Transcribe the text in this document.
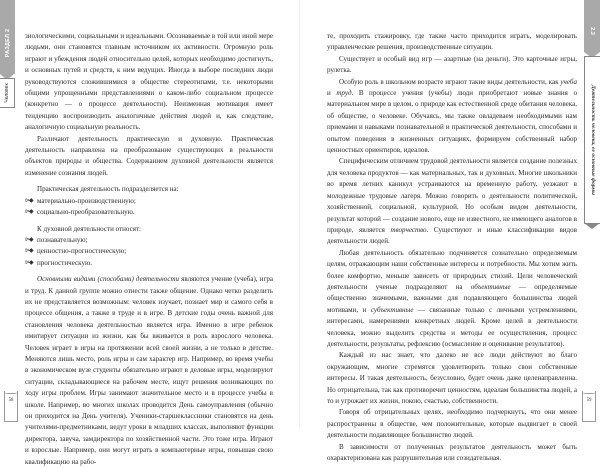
РАЗДЕЛ 2
Человек

зиологическими, социальными и идеальными. Осознаваемые в той или иной мере людьми, они становятся главным источником их активности. Огромную роль играют и убеждения людей относительно целей, которых необходимо достигнуть, и основных путей и средств, к ним ведущих. Иногда в выборе последних люди руководствуются сложившимися в обществе стереотипами, т.е. некоторыми общими упрощенными представлениями о каком-либо социальном процессе (конкретно — о процессе деятельности). Неизменная мотивация имеет тенденцию воспроизводить аналогичные действия людей и, как следствие, аналогичную социальную реальность.

Различают деятельность практическую и духовную. Практическая деятельность направлена на преобразование существующих в реальности объектов природы и общества. Содержанием духовной деятельности является изменение сознания людей.

Практическая деятельность подразделяется на:

⊳◆ материально-производственную;
⊳◆ социально-преобразовательную.

К духовной деятельности относят:

⊳◆ познавательную;
⊳◆ ценностно-прогностическую;
⊳◆ прогностическую.

Основными видами (способами) деятельности являются учение (учеба), игра и труд. К данной группе можно отнести также общение. Однако четко разделить их не представляется возможным: человек изучает, познает мир и самого себя в процессе общения, а также в труде и в игре. В детские годы очень важной для становления человека деятельностью является игра. Именно в игре ребенок имитирует ситуации из жизни, как бы вживается в роль взрослого человека. Человек играет в игры на протяжении всей своей жизни, а не только в детстве. Меняются лишь место, роль игры и сам характер игр. Например, во время учебы в экономическом вузе студенты обязательно играют в деловые игры, моделируют ситуации, складывающиеся на рабочем месте, ищут решения возникающих по ходу игры проблем. Игры занимают значительное место и в процессе учебы в школе. Например, во многих школах проводится День самоуправления (обычно он приходится на День учителя). Ученики-старшеклассники становятся на день учителями-предметниками, ведут уроки в младших классах, выполняют функции директора, завуча, замдиректора по хозяйственной части. Это тоже игра. Играют и взрослые. Например, они могут играть в компьютерные игры, повышая свою квалификацию на рабо-

58
2.3
Деятельность человека, ее основные формы

те, проходить стажировку, где также часто приходится играть, моделировать управленческие решения, производственные ситуации.

Существует и особый вид игр — азартные (на деньги). Это карточные игры, рулетка.

Особую роль в школьном возрасте играют такие виды деятельности, как учеба и труд. В процессе учения (учебы) люди приобретают новые знания о материальном мире в целом, о природе как естественной среде обитания человека, об обществе, о человеке. Обучаясь, мы также овладеваем необходимыми нам приемами и навыками познавательной и практической деятельности, способами и опытом поведения в жизненных ситуациях, формируем собственный набор ценностных ориентиров, идеалов.

Специфическим отличием трудовой деятельности является создание полезных для человека продуктов — как материальных, так и духовных. Многие школьники во время летних каникул устраиваются на временную работу, уезжают в молодежные трудовые лагеря. Можно говорить о деятельности политической, хозяйственной, социальной, культурной. Но особым видом деятельности, результат которой — создание нового, еще не известного, не имеющего аналогов в природе, является творчество. Существуют и иные классификации видов деятельности людей.

Любая деятельность обязательно подчиняется сознательно определяемым целям, отражающим наши собственные интересы и потребности. Мы хотим жить более комфортно, меньше зависеть от природных стихий. Цели человеческой деятельности ученые подразделяют на объективные — определяемые общественно значимыми, важными для подавляющего большинства людей мотивами, и субъективные — связанные только с личными устремлениями, интересами, намерениями конкретных людей. Кроме целей в деятельности человека, можно выделить средства и методы ее осуществления, процесс деятельности, результаты, рефлексию (осмысление и оценивание результатов).

Каждый из нас знает, что далеко не все люди действуют во благо окружающим, многие стремятся удовлетворить только свои собственные интересы. И такая деятельность, безусловно, будет очень даже целенаправленна. Но отрицательна, так как противоречит ценностям, идеалам большинства людей, а то и угрожает их жизни, покою, счастью, собственности.

Говоря об отрицательных целях, необходимо подчеркнуть, что они менее распространены в обществе, чем положительные, которые выдвигает в своей деятельности подавляющее большинство людей.

В зависимости от полученных результатов деятельность может быть охарактеризована как разрушительная или созидательная.

59
